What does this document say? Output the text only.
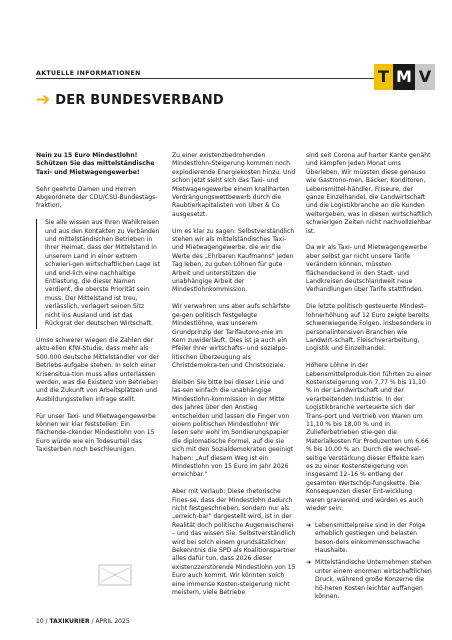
AKTUELLE INFORMATIONEN	T M V
➔ DER BUNDESVERBAND

Nein zu 15 Euro Mindestlohn! Schützen Sie das mittelständische Taxi- und Mietwagengewerbe!

Sehr geehrte Damen und Herren Abgeordnete der CDU/CSU-Bundestags-fraktion,

Sie alle wissen aus Ihren Wahlkreisen und aus den Kontakten zu Verbänden und mittelständischen Betrieben in Ihrer Heimat, dass der Mittelstand in unserem Land in einer extrem schwieri-gen wirtschaftlichen Lage ist und end-lich eine nachhaltige Entlastung, die dieser Namen verdient, die oberste Priorität sein muss. Der Mittelstand ist treu, verlässlich, verlagert seinen Sitz nicht ins Ausland und ist das Rückgrat der deutschen Wirtschaft.

Umso schwerer wiegen die Zahlen der aktu-ellen KfW-Studie, dass mehr als 500.000 deutsche Mittelständler vor der Betriebs-aufgabe stehen. In solch einer Krisensitua-tion muss alles unterlassen werden, was die Existenz von Betrieben und die Zukunft von Arbeitsplätzen und Ausbildungsstellen infrage stellt.

Für unser Taxi- und Mietwagengewerbe können wir klar feststellen: Ein flächende-ckender Mindestlohn von 15 Euro würde wie ein Todesurteil das Taxisterben noch beschleunigen.

Zu einer existenzbedrohenden Mindestlohn-Steigerung kommen noch explodierende Energiekosten hinzu. Und schon jetzt sieht sich das Taxi- und Mietwagengewerbe einem knallharten Verdrängungswettbewerb durch die Raubtierkapitalisten von Uber & Co ausgesetzt.

Um es klar zu sagen: Selbstverständlich stehen wir als mittelständisches Taxi- und Mietwagengewerbe, die wir die Werte des „Ehrbaren Kaufmanns" jeden Tag leben, zu guten Löhnen für gute Arbeit und unterstützen die unabhängige Arbeit der Mindestlohnkommission.

Wir verwahren uns aber aufs schärfste ge-gen politisch festgelegte Mindestlöhne, was unserem Grundprinzip der Tarifautono-mie im Kern zuwiderläuft. Dies ist ja auch ein Pfeiler Ihrer wirtschafts- und sozialpo-litischen Überzeugung als Christdemokra-ten und Christsoziale.

Bleiben Sie bitte bei dieser Linie und las-sen einfach die unabhängige Mindestlohn-kommission in der Mitte des Jahres über den Anstieg entscheiden und lassen die Finger von einem politischen Mindestlohn! Wir lesen sehr wohl im Sondierungspapier die diplomatische Formel, auf die sie sich mit den Sozialdemokraten geeinigt haben: „Auf diesem Weg ist ein Mindestlohn von 15 Euro im Jahr 2026 erreichbar."

Aber mit Verlaub: Diese rhetorische Fines-se, dass der Mindestlohn dadurch nicht festgeschrieben, sondern nur als „erreich-bar" dargestellt wird, ist in der Realität doch politische Augenwischerei – und das wissen Sie. Selbstverständlich wird bei solch einem grundsätzlichen Bekenntnis die SPD als Koalitionspartner alles dafür tun, dass 2026 dieser existenzzerstörende Mindestlohn von 15 Euro auch kommt. Wir könnten solch eine immense Kosten-steigerung nicht meistern, viele Betriebe

sind seit Corona auf harter Kante genäht und kämpfen jeden Monat ums Überleben. Wir müssten diese genauso wie Gastrono-men, Bäcker, Konditoren, Lebensmittel-händler, Friseure, der ganze Einzelhandel, die Landwirtschaft und die Logistikbranche an die Kunden weitergeben, was in diesen wirtschaftlich schwierigen Zeiten nicht nachvollziehbar ist.

Da wir als Taxi- und Mietwagengewerbe aber selbst gar nicht unsere Tarife verändern können, müssten flächendeckend in den Stadt- und Landkreisen deutschlandweit neue Verhandlungen über Tarife stattfinden.

Die letzte politisch gesteuerte Mindest-lohnerhöhung auf 12 Euro zeigte bereits schwerwiegende Folgen, insbesondere in personalintensiven Branchen wie Landwirt-schaft, Fleischverarbeitung, Logistik und Einzelhandel.

Höhere Löhne in der Lebensmittelproduk-tion führten zu einer Kostensteigerung von 7,77 % bis 11,10 % in der Landwirtschaft und der verarbeitenden Industrie. In der Logistikbranche verteuerte sich der Trans-port und Vertrieb von Waren um 11,10 % bis 18,00 % und in Zulieferbetrieben stie-gen die Materialkosten für Produzenten um 6,66 % bis 10,00 % an. Durch die wechsel-seitige Verstärkung dieser Effekte kam es zu einer Kostensteigerung von insgesamt 12–16 % entlang der gesamten Wertschöp-fungskette. Die Konsequenzen dieser Ent-wicklung waren gravierend und würden es auch wieder sein:

➔ Lebensmittelpreise sind in der Folge erheblich gestiegen und belasten beson-ders einkommensschwache Haushalte.
➔ Mittelständische Unternehmen stehen unter einem enormen wirtschaftlichen Druck, während große Konzerne die hö-heren Kosten leichter auffangen können.
10 / TAXIKURIER / APRIL 2025
